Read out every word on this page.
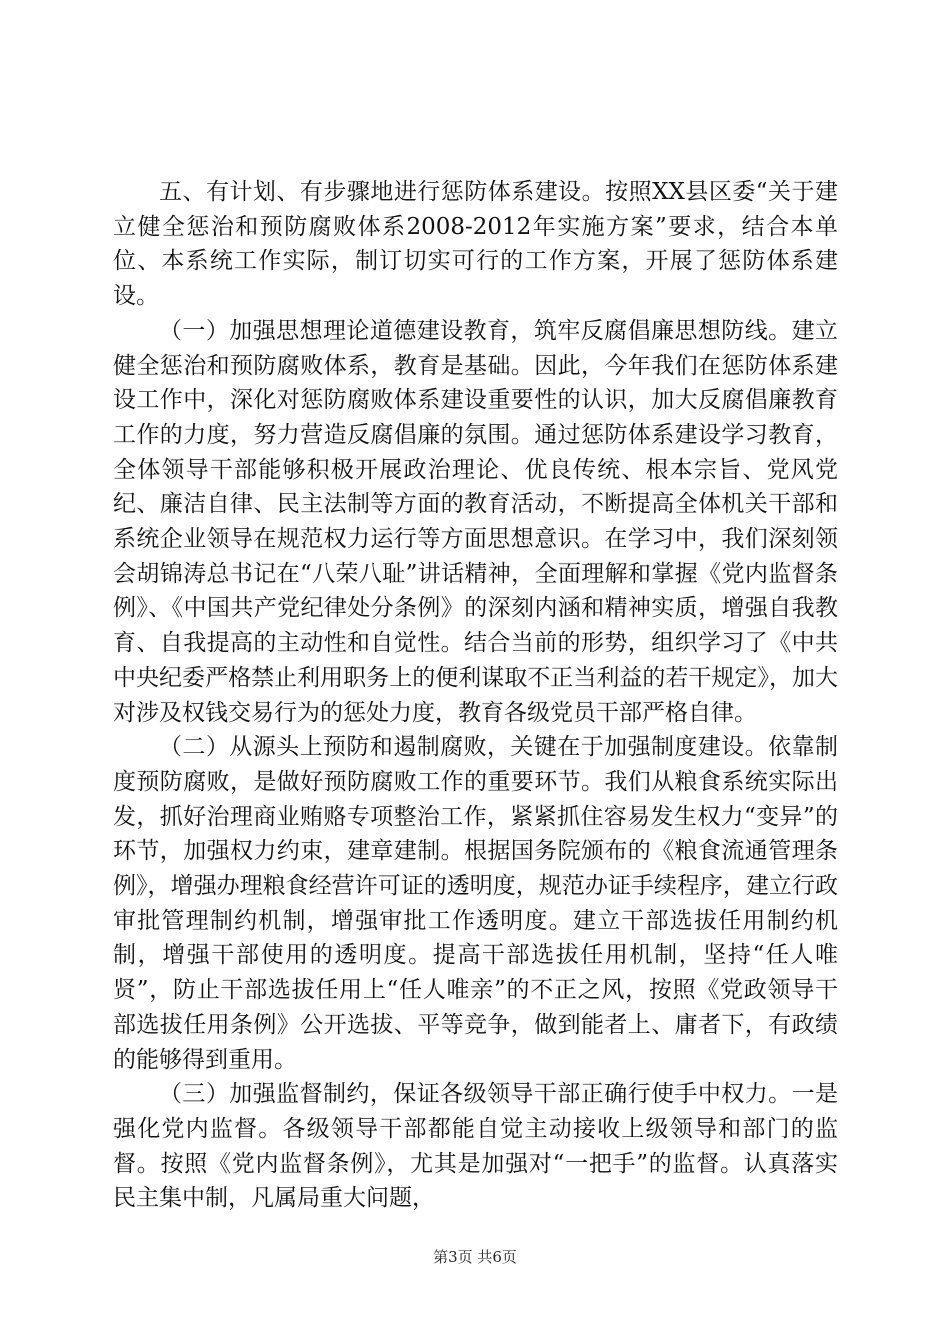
五、有计划、有步骤地进行惩防体系建设。按照XX县区委“关于建立健全惩治和预防腐败体系2008-2012年实施方案”要求，结合本单位、本系统工作实际，制订切实可行的工作方案，开展了惩防体系建设。

（一）加强思想理论道德建设教育，筑牢反腐倡廉思想防线。建立健全惩治和预防腐败体系，教育是基础。因此，今年我们在惩防体系建设工作中，深化对惩防腐败体系建设重要性的认识，加大反腐倡廉教育工作的力度，努力营造反腐倡廉的氛围。通过惩防体系建设学习教育，全体领导干部能够积极开展政治理论、优良传统、根本宗旨、党风党纪、廉洁自律、民主法制等方面的教育活动，不断提高全体机关干部和系统企业领导在规范权力运行等方面思想意识。在学习中，我们深刻领会胡锦涛总书记在“八荣八耻”讲话精神，全面理解和掌握《党内监督条例》、《中国共产党纪律处分条例》的深刻内涵和精神实质，增强自我教育、自我提高的主动性和自觉性。结合当前的形势，组织学习了《中共中央纪委严格禁止利用职务上的便利谋取不正当利益的若干规定》，加大对涉及权钱交易行为的惩处力度，教育各级党员干部严格自律。

（二）从源头上预防和遏制腐败，关键在于加强制度建设。依靠制度预防腐败，是做好预防腐败工作的重要环节。我们从粮食系统实际出发，抓好治理商业贿赂专项整治工作，紧紧抓住容易发生权力“变异”的环节，加强权力约束，建章建制。根据国务院颁布的《粮食流通管理条例》，增强办理粮食经营许可证的透明度，规范办证手续程序，建立行政审批管理制约机制，增强审批工作透明度。建立干部选拔任用制约机制，增强干部使用的透明度。提高干部选拔任用机制，坚持“任人唯贤”，防止干部选拔任用上“任人唯亲”的不正之风，按照《党政领导干部选拔任用条例》公开选拔、平等竞争，做到能者上、庸者下，有政绩的能够得到重用。

（三）加强监督制约，保证各级领导干部正确行使手中权力。一是强化党内监督。各级领导干部都能自觉主动接收上级领导和部门的监督。按照《党内监督条例》，尤其是加强对“一把手”的监督。认真落实民主集中制，凡属局重大问题，

第3页 共6页
